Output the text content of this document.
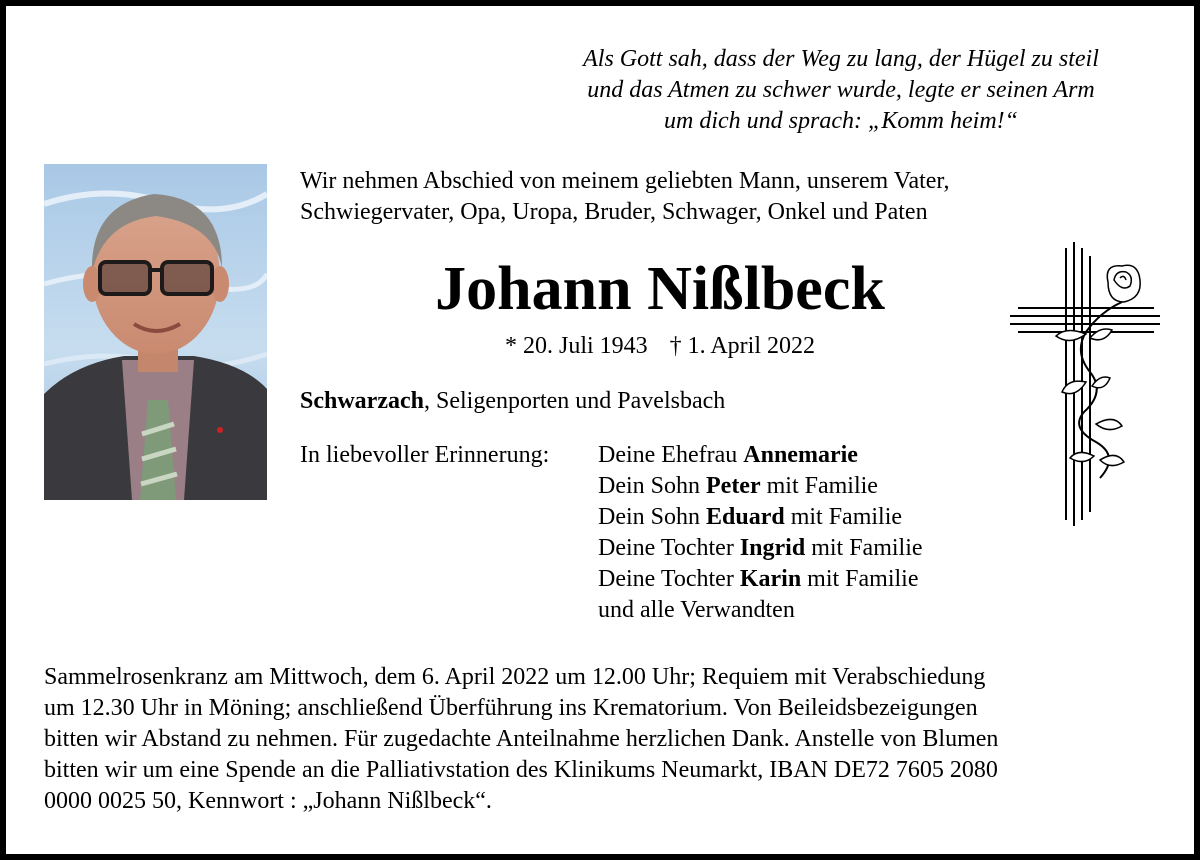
Als Gott sah, dass der Weg zu lang, der Hügel zu steil
und das Atmen zu schwer wurde, legte er seinen Arm
um dich und sprach: „Komm heim!“
Wir nehmen Abschied von meinem geliebten Mann, unserem Vater,
Schwiegervater, Opa, Uropa, Bruder, Schwager, Onkel und Paten
Johann Nißlbeck
* 20. Juli 1943 † 1. April 2022
Schwarzach, Seligenporten und Pavelsbach
In liebevoller Erinnerung: Deine Ehefrau Annemarie
Dein Sohn Peter mit Familie
Dein Sohn Eduard mit Familie
Deine Tochter Ingrid mit Familie
Deine Tochter Karin mit Familie
und alle Verwandten
Sammelrosenkranz am Mittwoch, dem 6. April 2022 um 12.00 Uhr; Requiem mit Verabschiedung
um 12.30 Uhr in Möning; anschließend Überführung ins Krematorium. Von Beileidsbezeigungen
bitten wir Abstand zu nehmen. Für zugedachte Anteilnahme herzlichen Dank. Anstelle von Blumen
bitten wir um eine Spende an die Palliativstation des Klinikums Neumarkt, IBAN DE72 7605 2080
0000 0025 50, Kennwort : „Johann Nißlbeck“.
